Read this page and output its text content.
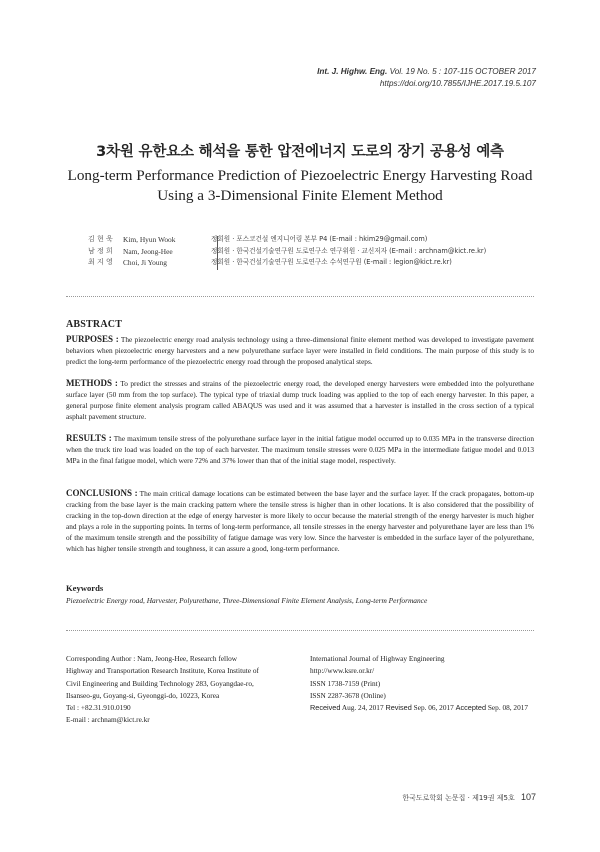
Int. J. Highw. Eng. Vol. 19 No. 5 : 107-115 OCTOBER 2017
https://doi.org/10.7855/IJHE.2017.19.5.107
3차원 유한요소 해석을 통한 압전에너지 도로의 장기 공용성 예측
Long-term Performance Prediction of Piezoelectric Energy Harvesting Road
Using a 3-Dimensional Finite Element Method
김 현 욱	Kim, Hyun Wook	정회원 · 포스코건설 엔지니어링 본부 P4 (E-mail : hkim29@gmail.com)
남 정 희	Nam, Jeong-Hee	정회원 · 한국건설기술연구원 도로연구소 연구위원 · 교신저자 (E-mail : archnam@kict.re.kr)
최 지 영	Choi, Ji Young	정회원 · 한국건설기술연구원 도로연구소 수석연구원 (E-mail : legion@kict.re.kr)
ABSTRACT
PURPOSES : The piezoelectric energy road analysis technology using a three-dimensional finite element method was developed to investigate pavement behaviors when piezoelectric energy harvesters and a new polyurethane surface layer were installed in field conditions. The main purpose of this study is to predict the long-term performance of the piezoelectric energy road through the proposed analytical steps.
METHODS : To predict the stresses and strains of the piezoelectric energy road, the developed energy harvesters were embedded into the polyurethane surface layer (50 mm from the top surface). The typical type of triaxial dump truck loading was applied to the top of each energy harvester. In this paper, a general purpose finite element analysis program called ABAQUS was used and it was assumed that a harvester is installed in the cross section of a typical asphalt pavement structure.
RESULTS : The maximum tensile stress of the polyurethane surface layer in the initial fatigue model occurred up to 0.035 MPa in the transverse direction when the truck tire load was loaded on the top of each harvester. The maximum tensile stresses were 0.025 MPa in the intermediate fatigue model and 0.013 MPa in the final fatigue model, which were 72% and 37% lower than that of the initial stage model, respectively.
CONCLUSIONS : The main critical damage locations can be estimated between the base layer and the surface layer. If the crack propagates, bottom-up cracking from the base layer is the main cracking pattern where the tensile stress is higher than in other locations. It is also considered that the possibility of cracking in the top-down direction at the edge of energy harvester is more likely to occur because the material strength of the energy harvester is much higher and plays a role in the supporting points. In terms of long-term performance, all tensile stresses in the energy harvester and polyurethane layer are less than 1% of the maximum tensile strength and the possibility of fatigue damage was very low. Since the harvester is embedded in the surface layer of the polyurethane, which has higher tensile strength and toughness, it can assure a good, long-term performance.
Keywords
Piezoelectric Energy road, Harvester, Polyurethane, Three-Dimensional Finite Element Analysis, Long-term Performance
Corresponding Author : Nam, Jeong-Hee, Research fellow
Highway and Transportation Research Institute, Korea Institute of
Civil Engineering and Building Technology 283, Goyangdae-ro,
Ilsanseo-gu, Goyang-si, Gyeonggi-do, 10223, Korea
Tel : +82.31.910.0190
E-mail : archnam@kict.re.kr
International Journal of Highway Engineering
http://www.ksre.or.kr/
ISSN 1738-7159 (Print)
ISSN 2287-3678 (Online)
Received Aug. 24, 2017 Revised Sep. 06, 2017 Accepted Sep. 08, 2017
한국도로학회 논문집 · 제19권 제5호 107
